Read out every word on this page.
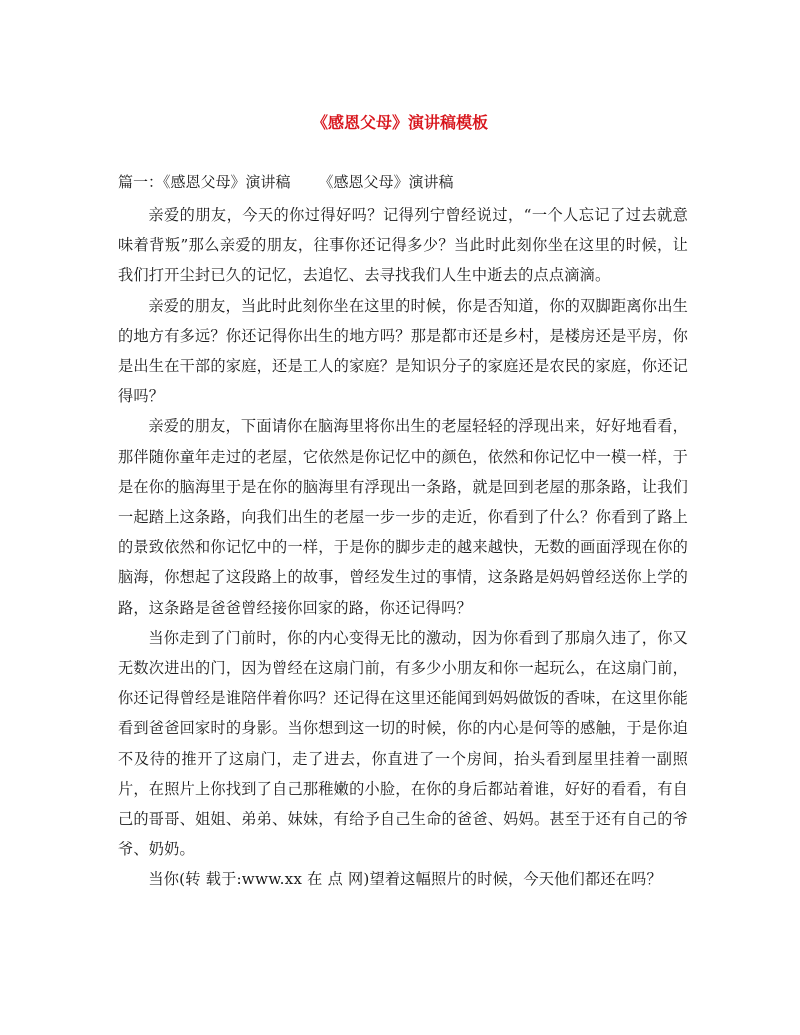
《感恩父母》演讲稿模板
篇一：《感恩父母》演讲稿 《感恩父母》演讲稿

亲爱的朋友，今天的你过得好吗？记得列宁曾经说过，“一个人忘记了过去就意味着背叛”那么亲爱的朋友，往事你还记得多少？当此时此刻你坐在这里的时候，让我们打开尘封已久的记忆，去追忆、去寻找我们人生中逝去的点点滴滴。

亲爱的朋友，当此时此刻你坐在这里的时候，你是否知道，你的双脚距离你出生的地方有多远？你还记得你出生的地方吗？那是都市还是乡村，是楼房还是平房，你是出生在干部的家庭，还是工人的家庭？是知识分子的家庭还是农民的家庭，你还记得吗？

亲爱的朋友，下面请你在脑海里将你出生的老屋轻轻的浮现出来，好好地看看，那伴随你童年走过的老屋，它依然是你记忆中的颜色，依然和你记忆中一模一样，于是在你的脑海里于是在你的脑海里有浮现出一条路，就是回到老屋的那条路，让我们一起踏上这条路，向我们出生的老屋一步一步的走近，你看到了什么？你看到了路上的景致依然和你记忆中的一样，于是你的脚步走的越来越快，无数的画面浮现在你的脑海，你想起了这段路上的故事，曾经发生过的事情，这条路是妈妈曾经送你上学的路，这条路是爸爸曾经接你回家的路，你还记得吗？

当你走到了门前时，你的内心变得无比的激动，因为你看到了那扇久违了，你又无数次进出的门，因为曾经在这扇门前，有多少小朋友和你一起玩么，在这扇门前，你还记得曾经是谁陪伴着你吗？还记得在这里还能闻到妈妈做饭的香味，在这里你能看到爸爸回家时的身影。当你想到这一切的时候，你的内心是何等的感触，于是你迫不及待的推开了这扇门，走了进去，你直进了一个房间，抬头看到屋里挂着一副照片，在照片上你找到了自己那稚嫩的小脸，在你的身后都站着谁，好好的看看，有自己的哥哥、姐姐、弟弟、妹妹，有给予自己生命的爸爸、妈妈。甚至于还有自己的爷爷、奶奶。

当你(转 载于:www.xx 在 点 网)望着这幅照片的时候，今天他们都还在吗？
